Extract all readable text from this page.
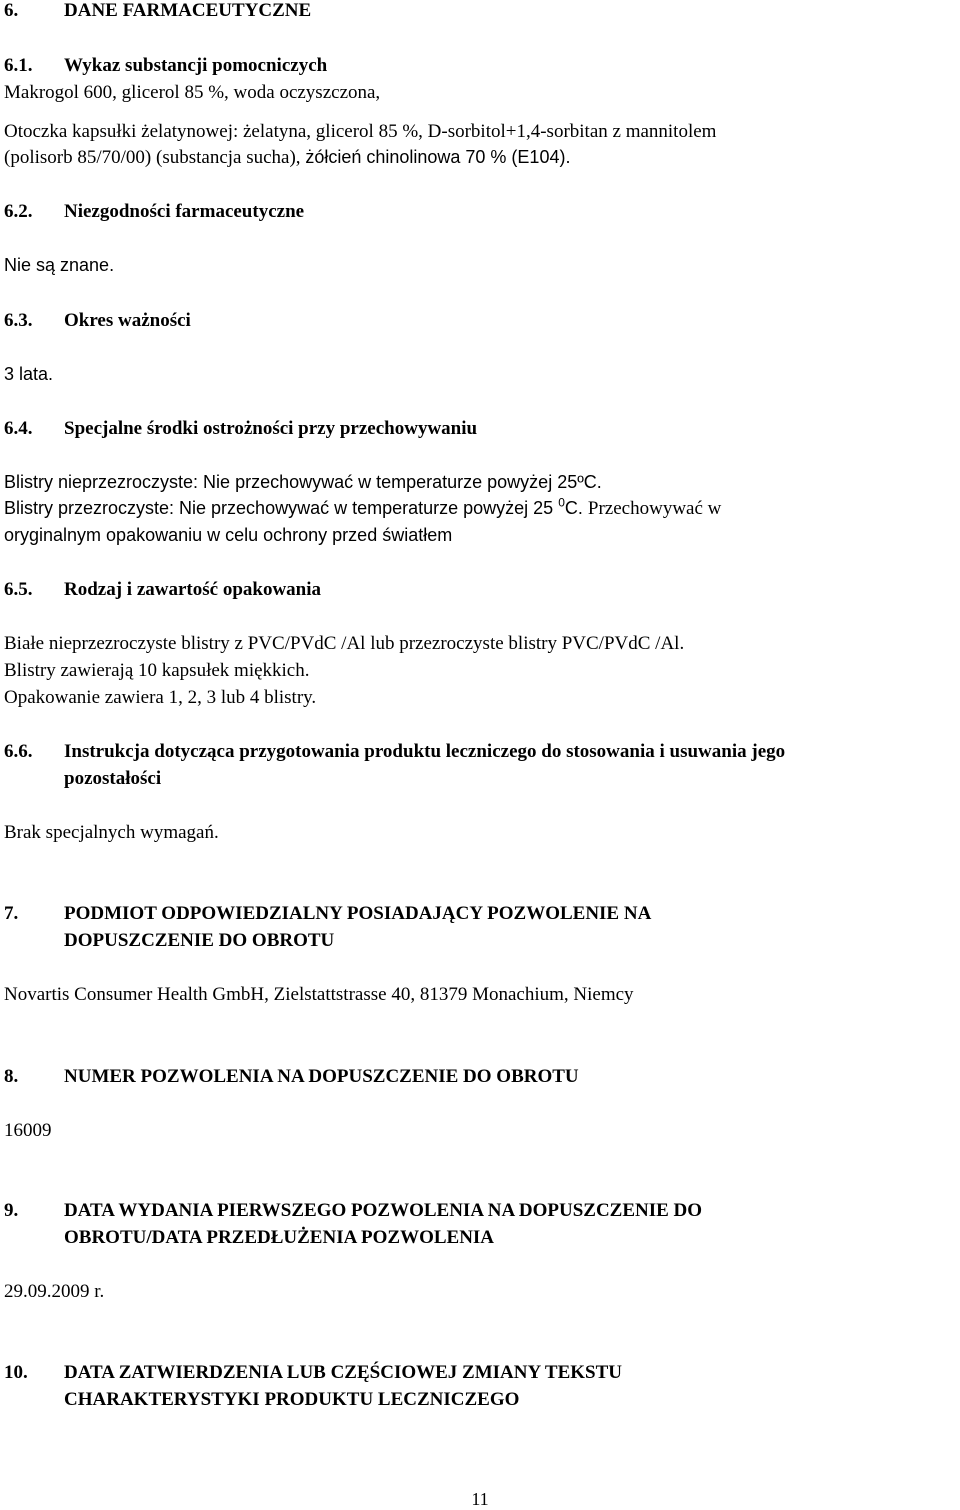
6. DANE FARMACEUTYCZNE
6.1. Wykaz substancji pomocniczych
Makrogol 600, glicerol 85 %, woda oczyszczona,
Otoczka kapsułki żelatynowej: żelatyna, glicerol 85 %, D-sorbitol+1,4-sorbitan z mannitolem
(polisorb 85/70/00) (substancja sucha), żółcień chinolinowa 70 % (E104).
6.2. Niezgodności farmaceutyczne
Nie są znane.
6.3. Okres ważności
3 lata.
6.4. Specjalne środki ostrożności przy przechowywaniu
Blistry nieprzezroczyste: Nie przechowywać w temperaturze powyżej 25ºC.
Blistry przezroczyste: Nie przechowywać w temperaturze powyżej 25 $^0$C. Przechowywać w
oryginalnym opakowaniu w celu ochrony przed światłem
6.5. Rodzaj i zawartość opakowania
Białe nieprzezroczyste blistry z PVC/PVdC /Al lub przezroczyste blistry PVC/PVdC /Al.
Blistry zawierają 10 kapsułek miękkich.
Opakowanie zawiera 1, 2, 3 lub 4 blistry.
6.6. Instrukcja dotycząca przygotowania produktu leczniczego do stosowania i usuwania jego
pozostałości
Brak specjalnych wymagań.
7. PODMIOT ODPOWIEDZIALNY POSIADAJĄCY POZWOLENIE NA
DOPUSZCZENIE DO OBROTU
Novartis Consumer Health GmbH, Zielstattstrasse 40, 81379 Monachium, Niemcy
8. NUMER POZWOLENIA NA DOPUSZCZENIE DO OBROTU
16009
9. DATA WYDANIA PIERWSZEGO POZWOLENIA NA DOPUSZCZENIE DO
OBROTU/DATA PRZEDŁUŻENIA POZWOLENIA
29.09.2009 r.
10. DATA ZATWIERDZENIA LUB CZĘŚCIOWEJ ZMIANY TEKSTU
CHARAKTERYSTYKI PRODUKTU LECZNICZEGO
11
